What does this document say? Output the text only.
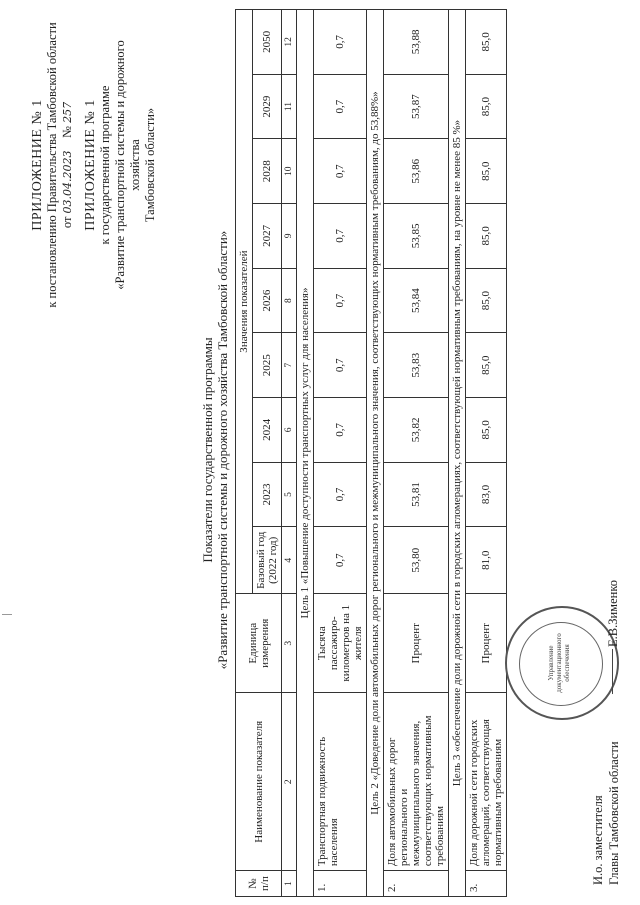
ПРИЛОЖЕНИЕ № 1 к постановлению Правительства Тамбовской области от 03.04.2023    № 257 ПРИЛОЖЕНИЕ № 1 к государственной программе «Развитие транспортной системы и дорожного хозяйства Тамбовской области»
Показатели государственной программы «Развитие транспортной системы и дорожного хозяйства Тамбовской области»
№ п/п	Наименование показателя	Единица измерения	Значения показателей								
			Базовый год (2022 год)	2023	2024	2025	2026	2027	2028	2029	2050
1	2	3	4	5	6	7	8	9	10	11	12
Цель 1 «Повышение доступности транспортных услуг для населения»											
1.	Транспортная подвижность населения	Тысяча пассажиро-километров на 1 жителя	0,7	0,7	0,7	0,7	0,7	0,7	0,7	0,7	0,7
Цель 2 «Доведение доли автомобильных дорог регионального и межмуниципального значения, соответствующих нормативным требованиям, до 53,88%»											
2.	Доля автомобильных дорог регионального и межмуниципального значения, соответствующих нормативным требованиям	Процент	53,80	53,81	53,82	53,83	53,84	53,85	53,86	53,87	53,88
Цель 3 «обеспечение доли дорожной сети в городских агломерациях, соответствующей нормативным требованиям, на уровне не менее 85 %»											
3.	Доля дорожной сети городских агломераций, соответствующая нормативным требованиям	Процент	81,0	83,0	85,0	85,0	85,0	85,0	85,0	85,0	85,0
Управление документационного обеспечения
И.о. заместителя Главы Тамбовской области
Е.В.Зименко
